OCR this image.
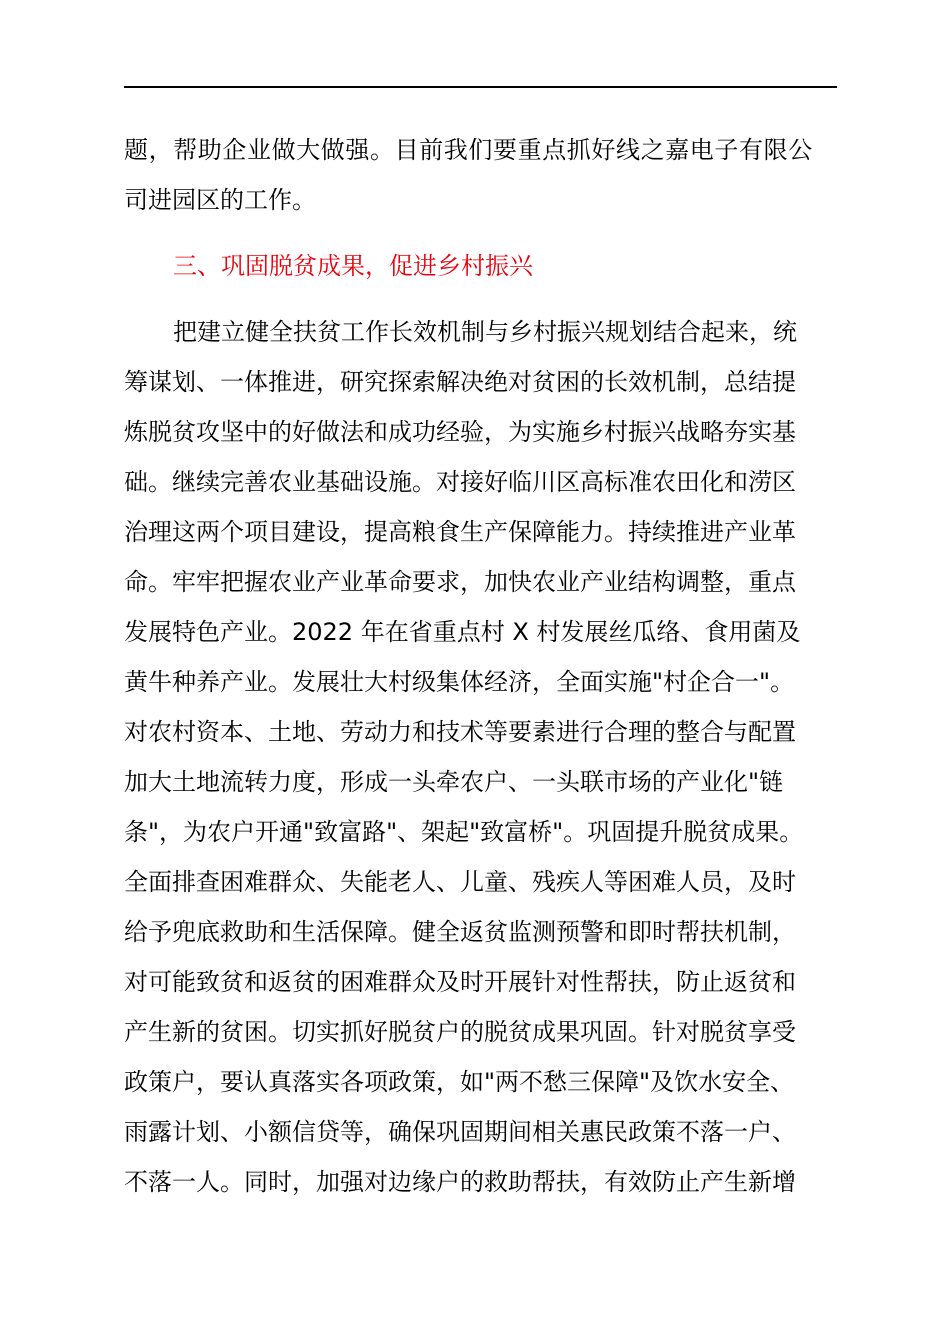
题，帮助企业做大做强。目前我们要重点抓好线之嘉电子有限公
司进园区的工作。
三、巩固脱贫成果，促进乡村振兴
把建立健全扶贫工作长效机制与乡村振兴规划结合起来，统
筹谋划、一体推进，研究探索解决绝对贫困的长效机制，总结提
炼脱贫攻坚中的好做法和成功经验，为实施乡村振兴战略夯实基
础。继续完善农业基础设施。对接好临川区高标准农田化和涝区
治理这两个项目建设，提高粮食生产保障能力。持续推进产业革
命。牢牢把握农业产业革命要求，加快农业产业结构调整，重点
发展特色产业。2022 年在省重点村 X 村发展丝瓜络、食用菌及
黄牛种养产业。发展壮大村级集体经济，全面实施"村企合一"。
对农村资本、土地、劳动力和技术等要素进行合理的整合与配置
加大土地流转力度，形成一头牵农户、一头联市场的产业化"链
条"，为农户开通"致富路"、架起"致富桥"。巩固提升脱贫成果。
全面排查困难群众、失能老人、儿童、残疾人等困难人员，及时
给予兜底救助和生活保障。健全返贫监测预警和即时帮扶机制，
对可能致贫和返贫的困难群众及时开展针对性帮扶，防止返贫和
产生新的贫困。切实抓好脱贫户的脱贫成果巩固。针对脱贫享受
政策户，要认真落实各项政策，如"两不愁三保障"及饮水安全、
雨露计划、小额信贷等，确保巩固期间相关惠民政策不落一户、
不落一人。同时，加强对边缘户的救助帮扶，有效防止产生新增
